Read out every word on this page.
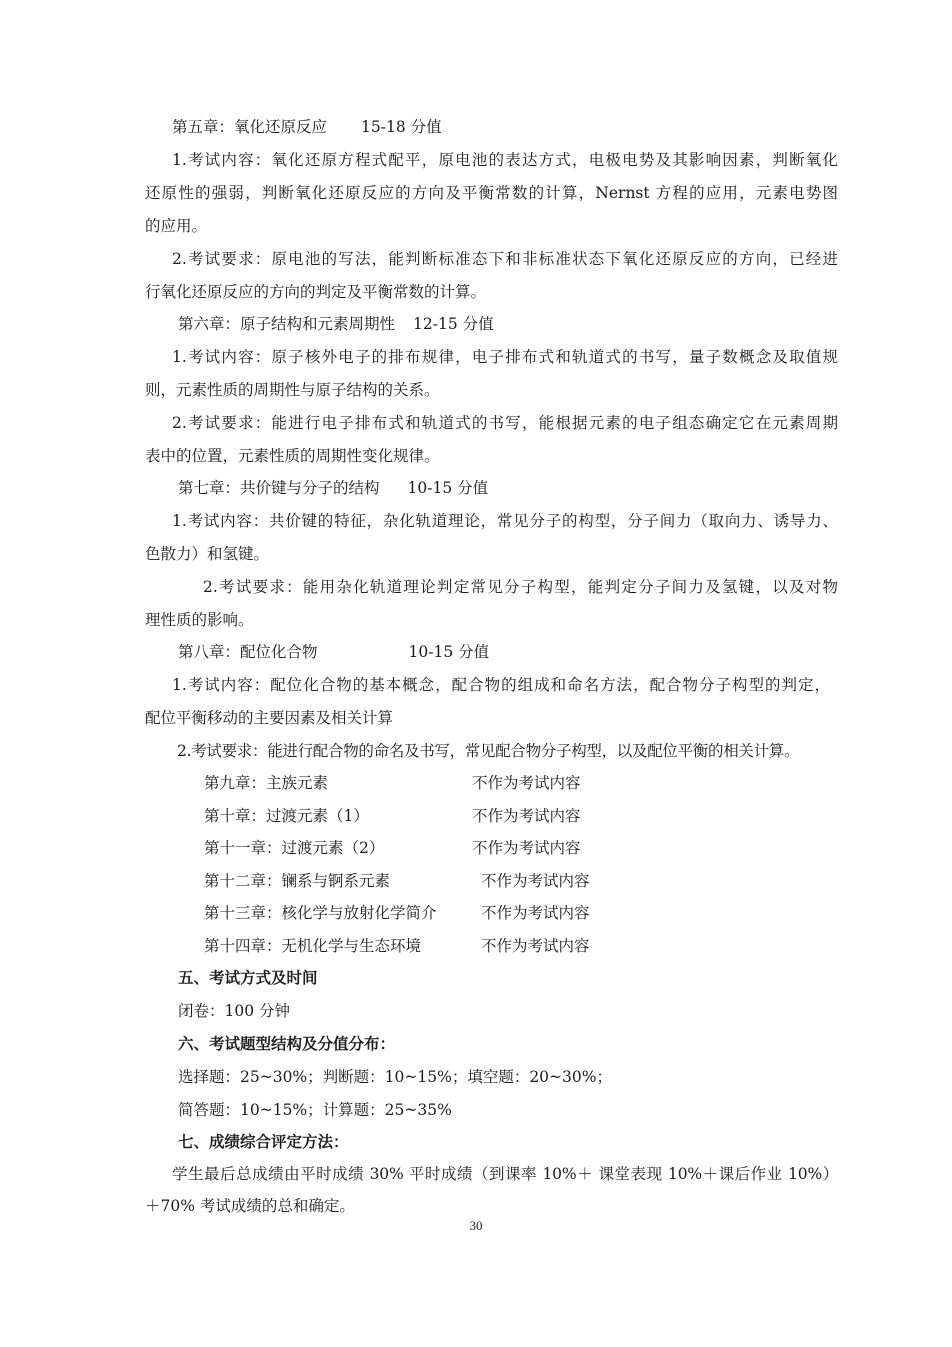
第五章：氧化还原反应 15-18 分值
1.考试内容：氧化还原方程式配平，原电池的表达方式，电极电势及其影响因素，判断氧化
还原性的强弱，判断氧化还原反应的方向及平衡常数的计算，Nernst 方程的应用，元素电势图
的应用。
2.考试要求：原电池的写法，能判断标准态下和非标准状态下氧化还原反应的方向，已经进
行氧化还原反应的方向的判定及平衡常数的计算。
第六章：原子结构和元素周期性 12-15 分值
1.考试内容：原子核外电子的排布规律，电子排布式和轨道式的书写，量子数概念及取值规
则，元素性质的周期性与原子结构的关系。
2.考试要求：能进行电子排布式和轨道式的书写，能根据元素的电子组态确定它在元素周期
表中的位置，元素性质的周期性变化规律。
第七章：共价键与分子的结构 10-15 分值
1.考试内容：共价键的特征，杂化轨道理论，常见分子的构型，分子间力（取向力、诱导力、
色散力）和氢键。
2.考试要求：能用杂化轨道理论判定常见分子构型，能判定分子间力及氢键，以及对物
理性质的影响。
第八章：配位化合物	10-15 分值
1.考试内容：配位化合物的基本概念，配合物的组成和命名方法，配合物分子构型的判定，
配位平衡移动的主要因素及相关计算
2.考试要求：能进行配合物的命名及书写，常见配合物分子构型，以及配位平衡的相关计算。
第九章：主族元素	不作为考试内容
第十章：过渡元素（1）	不作为考试内容
第十一章：过渡元素（2）	不作为考试内容
第十二章：镧系与锕系元素	不作为考试内容
第十三章：核化学与放射化学简介	不作为考试内容
第十四章：无机化学与生态环境	不作为考试内容
五、考试方式及时间
闭卷：100 分钟
六、考试题型结构及分值分布：
选择题：25~30%；判断题：10~15%；填空题：20~30%；
简答题：10~15%；计算题：25~35%
七、成绩综合评定方法：
学生最后总成绩由平时成绩 30% 平时成绩（到课率 10%＋ 课堂表现 10%＋课后作业 10%）
＋70% 考试成绩的总和确定。
30
